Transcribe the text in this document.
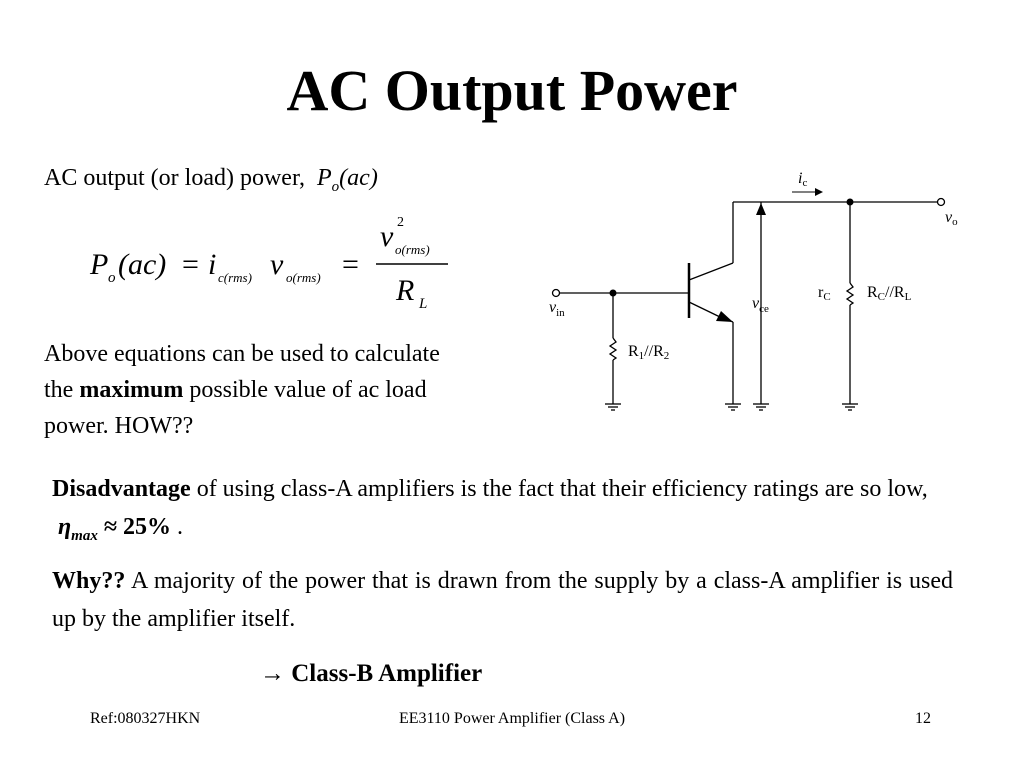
AC Output Power
AC output (or load) power, $P_o(ac)$
P o (ac) = i c(rms) v o(rms) =
v 2
o(rms)
R L
Above equations can be used to calculate the maximum possible value of ac load power. HOW??
ic
vo
$v_{in}$
$v_{ce}$
rC RC//RL
R1//R2
Disadvantage of using class-A amplifiers is the fact that their efficiency ratings are so low,  $\eta_{max} \approx 25\%$ .
Why?? A majority of the power that is drawn from the supply by a class-A amplifier is used up by the amplifier itself.
→ Class-B Amplifier
Ref:080327HKN	EE3110 Power Amplifier (Class A)	12
